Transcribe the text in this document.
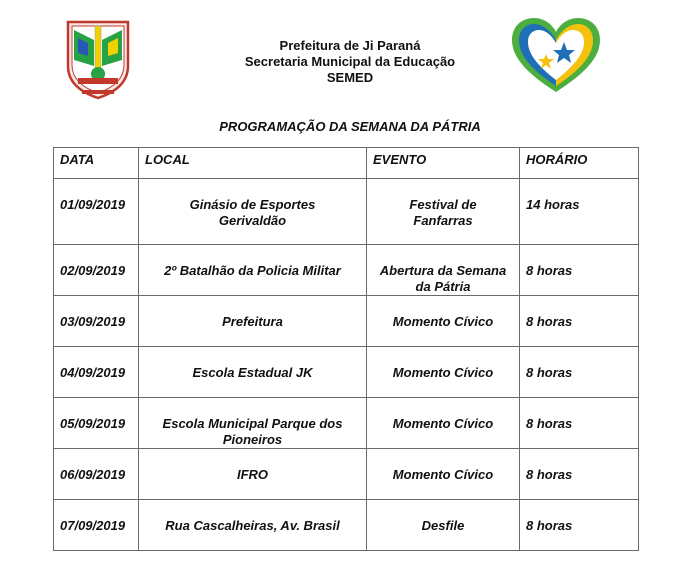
Prefeitura de Ji Paraná
Secretaria Municipal da Educação
SEMED
PROGRAMAÇÃO DA SEMANA DA PÁTRIA
DATA	LOCAL	EVENTO	HORÁRIO

01/09/2019	Ginásio de Esportes Gerivaldão	Festival de Fanfarras	14 horas

02/09/2019	2º Batalhão da Policia Militar	Abertura da Semana da Pátria	8 horas

03/09/2019	Prefeitura	Momento Cívico	8 horas

04/09/2019	Escola Estadual JK	Momento Cívico	8 horas

05/09/2019	Escola Municipal Parque dos Pioneiros	Momento Cívico	8 horas

06/09/2019	IFRO	Momento Cívico	8 horas

07/09/2019	Rua Cascalheiras, Av. Brasil	Desfile	8 horas
